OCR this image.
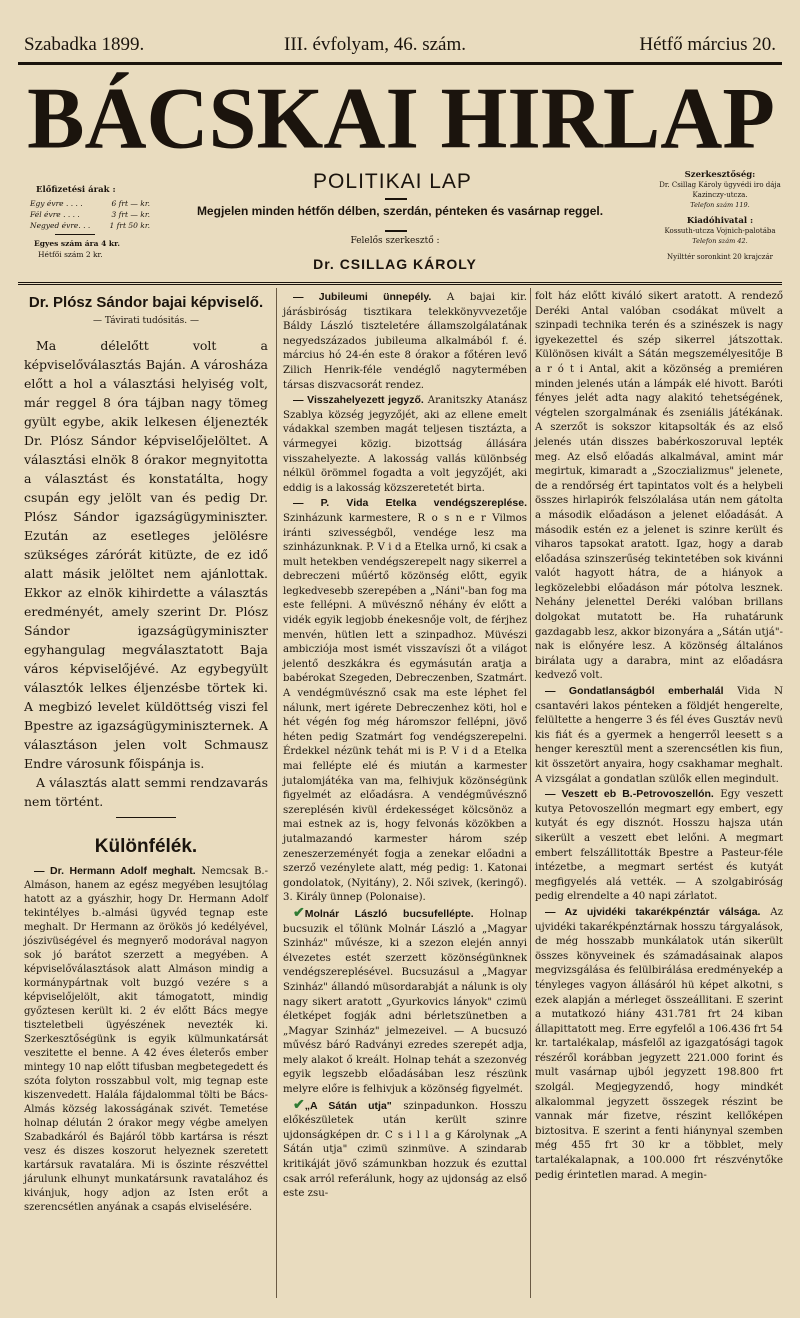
Szabadka 1899.	III. évfolyam, 46. szám.	Hétfő március 20.
BÁCSKAI HIRLAP
POLITIKAI LAP
Megjelen minden hétfőn délben, szerdán, pénteken és vasárnap reggel.
Felelős szerkesztő :
Dr. CSILLAG KÁROLY
Előfizetési árak :
Egy évre . . . .	6 frt — kr.
Fél évre . . . .	3 frt — kr.
Negyed évre. . .	1 frt 50 kr.
Egyes szám ára 4 kr.
Hétfői szám 2 kr.
Szerkesztőség:
Dr. Csillag Károly ügyvédi iro dája Kazinczy-utcza.
Telefon szám 119.
Kiadóhivatal :
Kossuth-utcza Vojnich-palotába
Telefon szám 42.
Nyilttér soronkint 20 krajczár
Dr. Plósz Sándor bajai képviselő.
— Távirati tudósitás. —

Ma délelőtt volt a képviselőválasztás Baján. A városháza előtt a hol a választási helyiség volt, már reggel 8 óra tájban nagy tömeg gyült egybe, akik lelkesen éljenezték Dr. Plósz Sándor képviselőjelöltet. A választási elnök 8 órakor megnyitotta a választást és konstatálta, hogy csupán egy jelölt van és pedig Dr. Plósz Sándor igazságügyminiszter. Ezután az esetleges jelölésre szükséges zárórát kitüzte, de ez idő alatt másik jelöltet nem ajánlottak. Ekkor az elnök kihirdette a választás eredményét, amely szerint Dr. Plósz Sándor igazságügyminiszter egyhangulag megválasztatott Baja város képviselőjévé. Az egybegyült választók lelkes éljenzésbe törtek ki. A megbizó levelet küldöttség viszi fel Bpestre az igazságügyminiszternek. A választáson jelen volt Schmausz Endre városunk főispánja is.

A választás alatt semmi rendzavarás nem történt.

Különfélék.

— Dr. Hermann Adolf meghalt. Nemcsak B.-Almáson, hanem az egész megyében lesujtólag hatott az a gyászhir, hogy Dr. Hermann Adolf tekintélyes b.-almási ügyvéd tegnap este meghalt. Dr Hermann az örökös jó kedélyével, jószivüségével és megnyerő modorával nagyon sok jó barátot szerzett a megyében. A képviselőválasztások alatt Almáson mindig a kormánypártnak volt buzgó vezére s a képviselőjelölt, akit támogatott, mindig győztesen került ki. 2 év előtt Bács megye tiszteletbeli ügyészének nevezték ki. Szerkesztőségünk is egyik külmunkatársát veszitette el benne. A 42 éves életerős ember mintegy 10 nap előtt tifusban megbetegedett és szóta folyton rosszabbul volt, mig tegnap este kiszenvedett. Halála fájdalommal tölti be Bács-Almás község lakosságának szivét. Temetése holnap délután 2 órakor megy végbe amelyen Szabadkáról és Bajáról több kartársa is részt vesz és diszes koszorut helyeznek szeretett kartársuk ravatalára. Mi is őszinte részvéttel járulunk elhunyt munkatársunk ravatalához és kivánjuk, hogy adjon az Isten erőt a szerencsétlen anyának a csapás elviselésére.

— Jubileumi ünnepély. A bajai kir. járásbiróság tisztikara telekkönyvvezetője Báldy László tiszteletére államszolgálatának negyedszázados jubileuma alkalmából f. é. március hó 24-én este 8 órakor a főtéren levő Zilich Henrik-féle vendéglő nagytermében társas diszvacsorát rendez.

— Visszahelyezett jegyző. Aranitszky Atanász Szablya község jegyzőjét, aki az ellene emelt vádakkal szemben magát teljesen tisztázta, a vármegyei közig. bizottság állására visszahelyezte. A lakosság vallás különbség nélkül örömmel fogadta a volt jegyzőjét, aki eddig is a lakosság közszeretetét birta.

— P. Vida Etelka vendégszereplése. Szinházunk karmestere, R o s n e r Vilmos iránti szivességből, vendége lesz ma szinházunknak. P. V i d a Etelka urnő, ki csak a mult hetekben vendégszerepelt nagy sikerrel a debreczeni műértő közönség előtt, egyik legkedvesebb szerepében a „Náni"-ban fog ma este fellépni. A müvésznő néhány év előtt a vidék egyik legjobb énekesnője volt, de férjhez menvén, hütlen lett a szinpadhoz. Müvészi ambicziója most ismét visszavíszi őt a világot jelentő deszkákra és egymásután aratja a babérokat Szegeden, Debreczenben, Szatmárt. A vendégmüvésznő csak ma este léphet fel nálunk, mert igérete Debreczenhez köti, hol e hét végén fog még háromszor fellépni, jövő héten pedig Szatmárt fog vendégszerepelni. Érdekkel nézünk tehát mi is P. V i d a Etelka mai fellépte elé és miután a karmester jutalomjátéka van ma, felhivjuk közönségünk figyelmét az előadásra. A vendégművésznő szereplésén kivül érdekességet kölcsönöz a mai estnek az is, hogy felvonás közökben a jutalmazandó karmester három szép zeneszerzeményét fogja a zenekar előadni a szerző vezénylete alatt, még pedig: 1. Katonai gondolatok, (Nyitány), 2. Női szivek, (keringő). 3. Király ünnep (Polonaise).

✔Molnár László bucsufellépte. Holnap bucsuzik el tőlünk Molnár László a „Magyar Szinház" művésze, ki a szezon elején annyi élvezetes estét szerzett közönségünknek vendégszereplésével. Bucsuzásul a „Magyar Szinház" állandó müsordarabját a nálunk is oly nagy sikert aratott „Gyurkovics lányok" czimü életképet fogják adni bérletszünetben a „Magyar Szinház" jelmezeivel. — A bucsuzó művész báró Radványi ezredes szerepét adja, mely alakot ő kreált. Holnap tehát a szezonvég egyik legszebb előadásában lesz részünk melyre előre is felhivjuk a közönség figyelmét.

✔„A Sátán utja" szinpadunkon. Hosszu előkészületek után került szinre ujdonságképen dr. C s i l l a g Károlynak „A Sátán utja" czimü szinmüve. A szindarab kritikáját jövő számunkban hozzuk és ezuttal csak arról referálunk, hogy az ujdonság az első este zsu-

folt ház előtt kiváló sikert aratott. A rendező Deréki Antal valóban csodákat müvelt a szinpadi technika terén és a szinészek is nagy igyekezettel és szép sikerrel játszottak. Különösen kivált a Sátán megszemélyesitője B a r ó t i Antal, akit a közönség a premiéren minden jelenés után a lámpák elé hivott. Baróti fényes jelét adta nagy alakitó tehetségének, végtelen szorgalmának és zseniális játékának. A szerzőt is sokszor kitapsolták és az első jelenés után disszes babérkoszoruval lepték meg. Az első előadás alkalmával, amint már megirtuk, kimaradt a „Szoczializmus" jelenete, de a rendőrség ért tapintatos volt és a helybeli összes hirlapirók felszólalása után nem gátolta a második előadáson a jelenet előadását. A második estén ez a jelenet is szinre került és viharos tapsokat aratott. Igaz, hogy a darab előadása szinszerűség tekintetében sok kivánni valót hagyott hátra, de a hiányok a legközelebbi előadáson már pótolva lesznek. Nehány jelenettel Deréki valóban brillans dolgokat mutatott be. Ha ruhatárunk gazdagabb lesz, akkor bizonyára a „Sátán utjá"-nak is előnyére lesz. A közönség általános birálata ugy a darabra, mint az előadásra kedvező volt.

— Gondatlanságból emberhalál Vida N csantavéri lakos pénteken a földjét hengerelte, felültette a hengerre 3 és fél éves Gusztáv nevü kis fiát és a gyermek a hengerről leesett s a henger keresztül ment a szerencsétlen kis fiun, kit összetört anyaira, hogy csakhamar meghalt. A vizsgálat a gondatlan szülők ellen megindult.

— Veszett eb B.-Petrovoszellón. Egy veszett kutya Petovoszellón megmart egy embert, egy kutyát és egy disznót. Hosszu hajsza után sikerült a veszett ebet lelőni. A megmart embert felszállitották Bpestre a Pasteur-féle intézetbe, a megmart sertést és kutyát megfigyelés alá vették. — A szolgabiróság pedig elrendelte a 40 napi zárlatot.

— Az ujvidéki takarékpénztár válsága. Az ujvidéki takarékpénztárnak hosszu tárgyalások, de még hosszabb munkálatok után sikerült összes könyveinek és számadásainak alapos megvizsgálása és felülbirálása eredményekép a tényleges vagyon állásáról hü képet alkotni, s ezek alapján a mérleget összeállitani. E szerint a mutatkozó hiány 431.781 frt 24 kiban állapittatott meg. Erre egyfelől a 106.436 frt 54 kr. tartalékalap, másfelől az igazgatósági tagok részéről korábban jegyzett 221.000 forint és mult vasárnap ujból jegyzett 198.800 frt szolgál. Megjegyzendő, hogy mindkét alkalommal jegyzett összegek részint be vannak már fizetve, részint kellőképen biztositva. E szerint a fenti hiánynyal szemben még 455 frt 30 kr a többlet, mely tartalékalapnak, a 100.000 frt részvénytőke pedig érintetlen marad. A megin-
